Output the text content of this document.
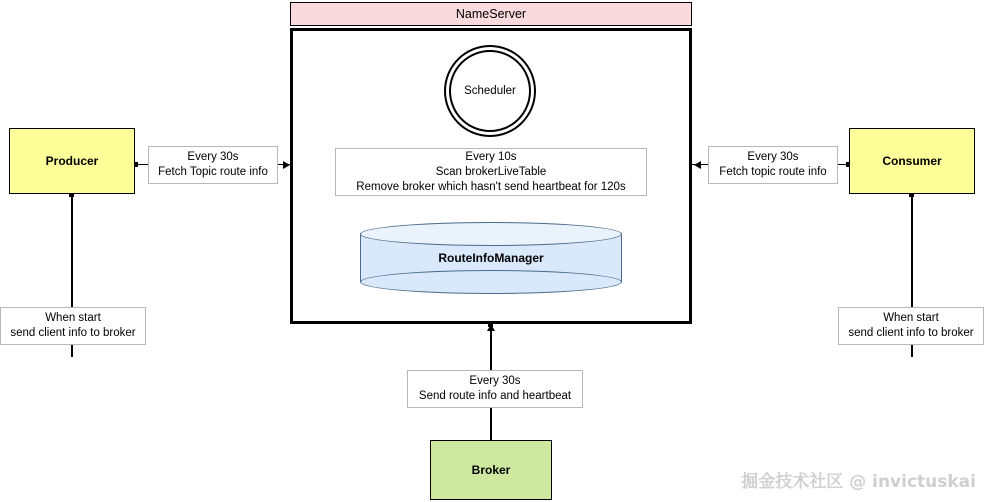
NameServer
Scheduler
Every 10s
Scan brokerLiveTable
Remove broker which hasn't send heartbeat for 120s
RouteInfoManager
Producer	Consumer
Broker
Every 30s
Fetch Topic route info
Every 30s
Fetch topic route info
When start
send client info to broker
When start
send client info to broker
Every 30s
Send route info and heartbeat
掘金技术社区 @ invictuskai
